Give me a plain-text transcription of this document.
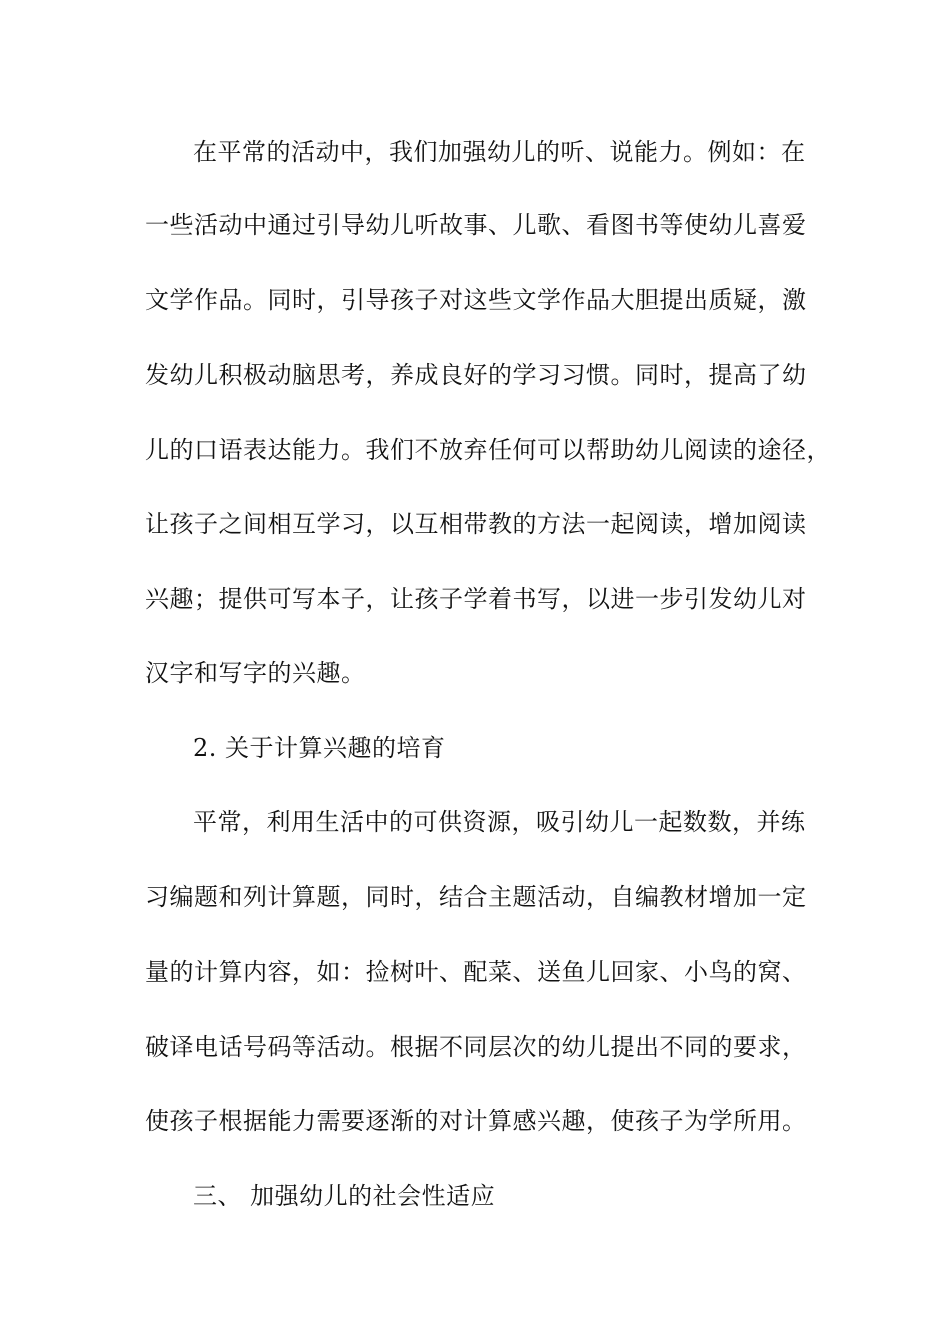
在平常的活动中，我们加强幼儿的听、说能力。例如：在
一些活动中通过引导幼儿听故事、儿歌、看图书等使幼儿喜爱
文学作品。同时，引导孩子对这些文学作品大胆提出质疑，激
发幼儿积极动脑思考，养成良好的学习习惯。同时，提高了幼
儿的口语表达能力。我们不放弃任何可以帮助幼儿阅读的途径，
让孩子之间相互学习，以互相带教的方法一起阅读，增加阅读
兴趣；提供可写本子，让孩子学着书写，以进一步引发幼儿对
汉字和写字的兴趣。
2. 关于计算兴趣的培育
平常，利用生活中的可供资源，吸引幼儿一起数数，并练
习编题和列计算题，同时，结合主题活动，自编教材增加一定
量的计算内容，如：捡树叶、配菜、送鱼儿回家、小鸟的窝、
破译电话号码等活动。根据不同层次的幼儿提出不同的要求，
使孩子根据能力需要逐渐的对计算感兴趣，使孩子为学所用。
三、 加强幼儿的社会性适应
